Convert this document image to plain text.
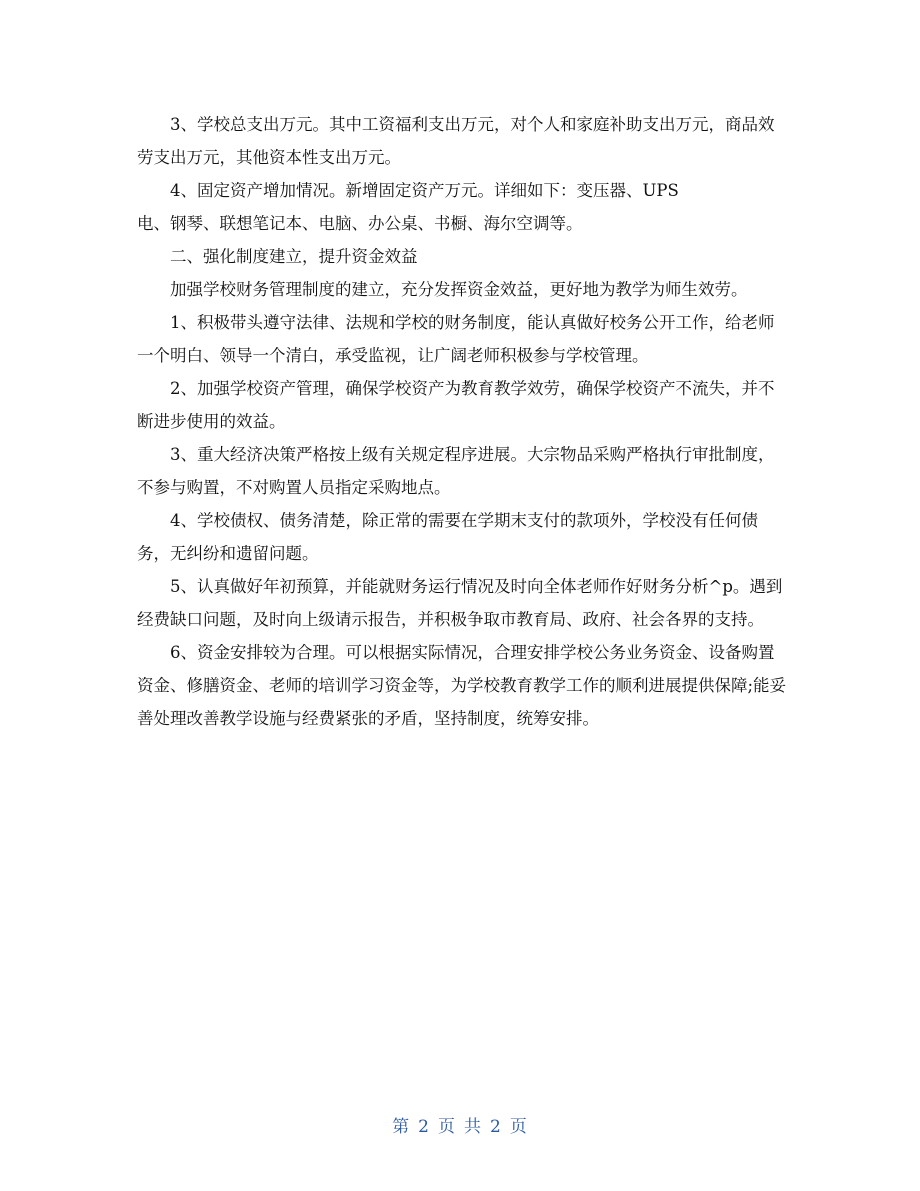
3、学校总支出万元。其中工资福利支出万元，对个人和家庭补助支出万元，商品效劳支出万元，其他资本性支出万元。

4、固定资产增加情况。新增固定资产万元。详细如下：变压器、UPS

电、钢琴、联想笔记本、电脑、办公桌、书橱、海尔空调等。

二、强化制度建立，提升资金效益

加强学校财务管理制度的建立，充分发挥资金效益，更好地为教学为师生效劳。

1、积极带头遵守法律、法规和学校的财务制度，能认真做好校务公开工作，给老师一个明白、领导一个清白，承受监视，让广阔老师积极参与学校管理。

2、加强学校资产管理，确保学校资产为教育教学效劳，确保学校资产不流失，并不断进步使用的效益。

3、重大经济决策严格按上级有关规定程序进展。大宗物品采购严格执行审批制度，不参与购置，不对购置人员指定采购地点。

4、学校债权、债务清楚，除正常的需要在学期末支付的款项外，学校没有任何债务，无纠纷和遗留问题。

5、认真做好年初预算，并能就财务运行情况及时向全体老师作好财务分析^p。遇到经费缺口问题，及时向上级请示报告，并积极争取市教育局、政府、社会各界的支持。

6、资金安排较为合理。可以根据实际情况，合理安排学校公务业务资金、设备购置资金、修膳资金、老师的培训学习资金等，为学校教育教学工作的顺利进展提供保障;能妥善处理改善教学设施与经费紧张的矛盾，坚持制度，统筹安排。

第 2 页 共 2 页
